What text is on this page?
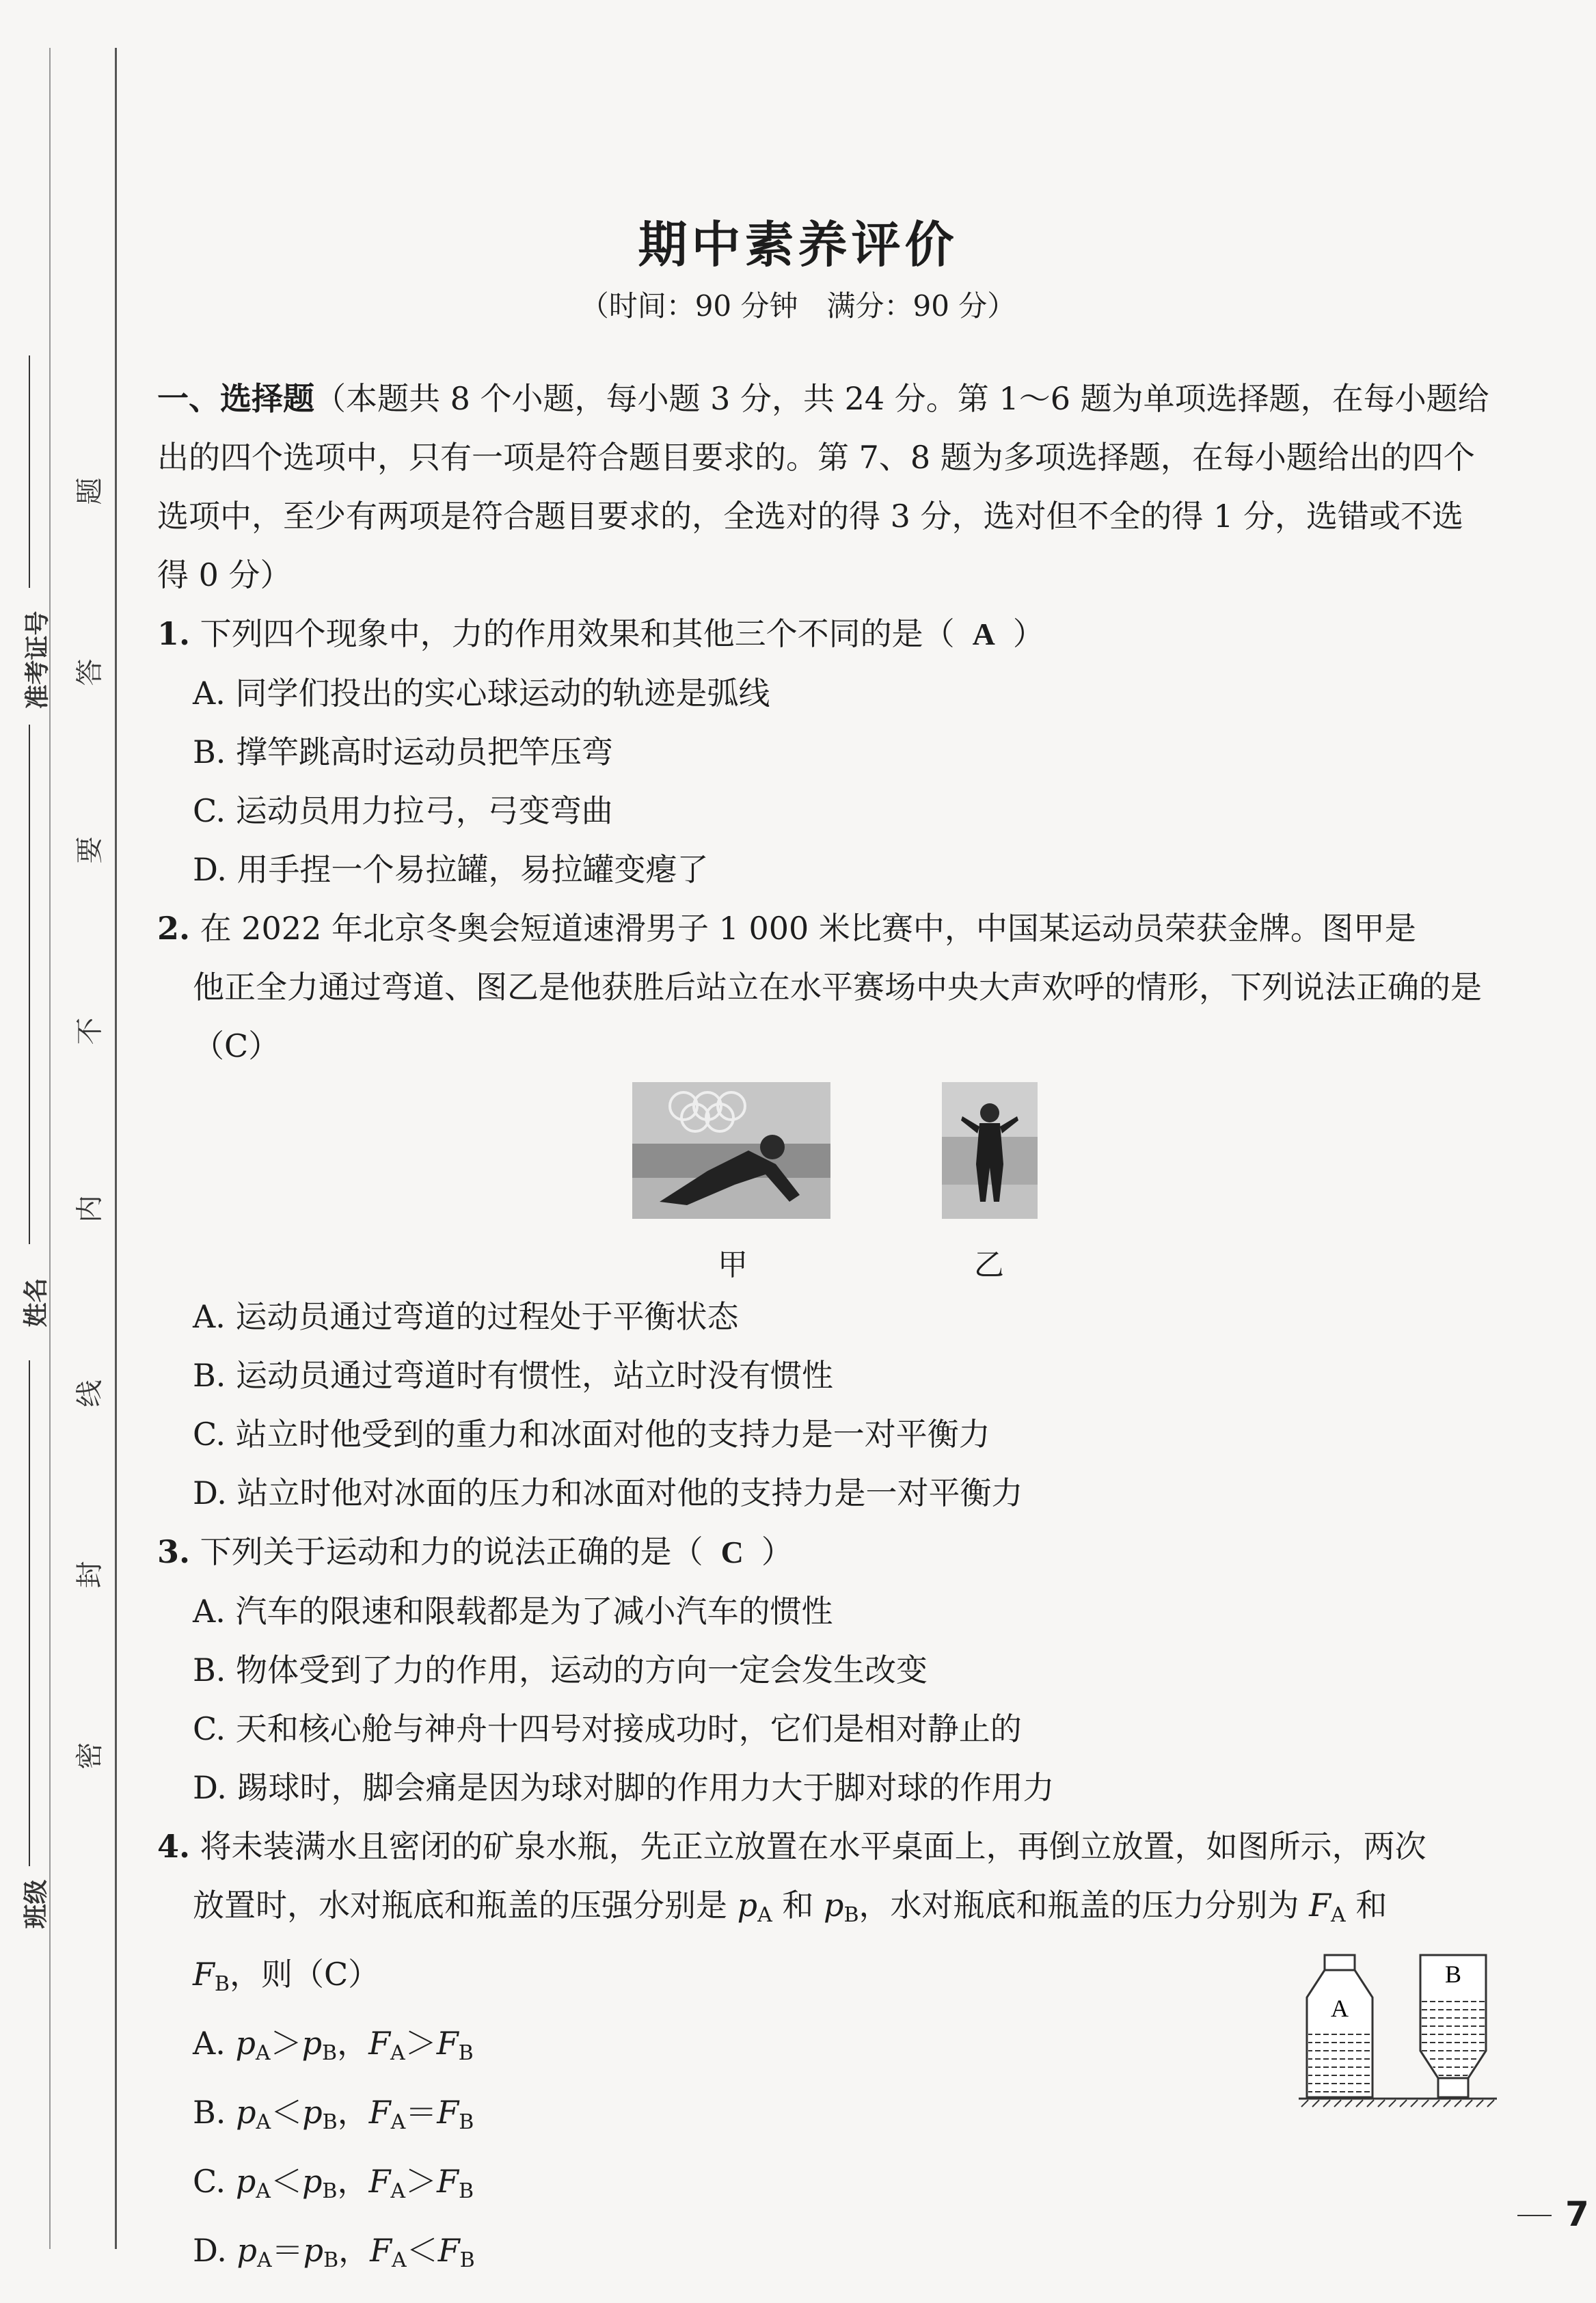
题
答
要
不
内
线
封
密
准考证号
姓名
班级
期中素养评价
（时间：90 分钟　满分：90 分）

一、选择题（本题共 8 个小题，每小题 3 分，共 24 分。第 1～6 题为单项选择题，在每小题给出的四个选项中，只有一项是符合题目要求的。第 7、8 题为多项选择题，在每小题给出的四个选项中，至少有两项是符合题目要求的，全选对的得 3 分，选对但不全的得 1 分，选错或不选得 0 分）

1. 下列四个现象中，力的作用效果和其他三个不同的是（ A ）

A. 同学们投出的实心球运动的轨迹是弧线

B. 撑竿跳高时运动员把竿压弯

C. 运动员用力拉弓，弓变弯曲

D. 用手捏一个易拉罐，易拉罐变瘪了

2. 在 2022 年北京冬奥会短道速滑男子 1 000 米比赛中，中国某运动员荣获金牌。图甲是

他正全力通过弯道、图乙是他获胜后站立在水平赛场中央大声欢呼的情形，下列说法正确的是（C）

甲	乙

A. 运动员通过弯道的过程处于平衡状态

B. 运动员通过弯道时有惯性，站立时没有惯性

C. 站立时他受到的重力和冰面对他的支持力是一对平衡力

D. 站立时他对冰面的压力和冰面对他的支持力是一对平衡力

3. 下列关于运动和力的说法正确的是（ C ）

A. 汽车的限速和限载都是为了减小汽车的惯性

B. 物体受到了力的作用，运动的方向一定会发生改变

C. 天和核心舱与神舟十四号对接成功时，它们是相对静止的

D. 踢球时，脚会痛是因为球对脚的作用力大于脚对球的作用力

4. 将未装满水且密闭的矿泉水瓶，先正立放置在水平桌面上，再倒立放置，如图所示，两次

放置时，水对瓶底和瓶盖的压强分别是 $p_A$ 和 $p_B$，水对瓶底和瓶盖的压力分别为 $F_A$ 和

$F_B$，则（C）

A. $p_A>p_B$，$F_A>F_B$

B. $p_A<p_B$，$F_A=F_B$

C. $p_A<p_B$，$F_A>F_B$

D. $p_A=p_B$，$F_A<F_B$

A
B
7
